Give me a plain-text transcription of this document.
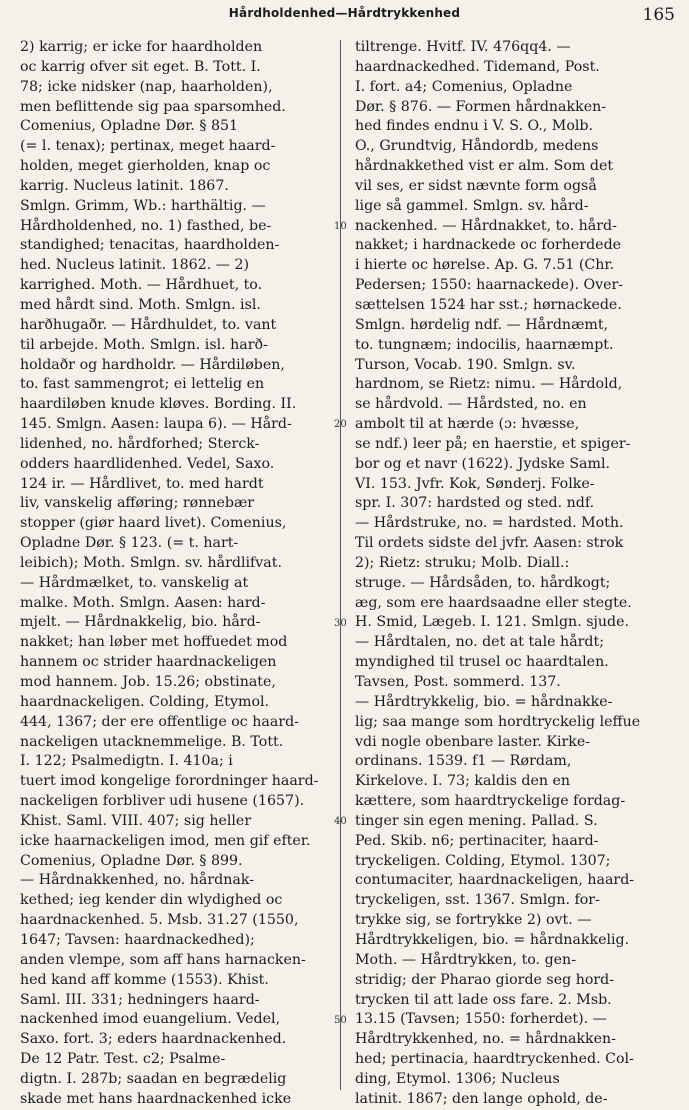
Hårdholdenhed—Hårdtrykkenhed	165
2) karrig; er icke for haardholden
oc karrig ofver sit eget. B. Tott. I.
78; icke nidsker (nap, haarholden),
men beflittende sig paa sparsomhed.
Comenius, Opladne Dør. § 851
(= l. tenax); pertinax, meget haard-
holden, meget gierholden, knap oc
karrig. Nucleus latinit. 1867.
Smlgn. Grimm, Wb.: harthältig. —
Hårdholdenhed, no. 1) fasthed, be-
standighed; tenacitas, haardholden-
hed. Nucleus latinit. 1862. — 2)
karrighed. Moth. — Hårdhuet, to.
med hårdt sind. Moth. Smlgn. isl.
harðhugaðr. — Hårdhuldet, to. vant
til arbejde. Moth. Smlgn. isl. harð-
holdaðr og hardholdr. — Hårdiløben,
to. fast sammengrot; ei lettelig en
haardiløben knude kløves. Bording. II.
145. Smlgn. Aasen: laupa 6). — Hård-
lidenhed, no. hårdforhed; Sterck-
odders haardlidenhed. Vedel, Saxo.
124 ir. — Hårdlivet, to. med hardt
liv, vanskelig afføring; rønnebær
stopper (giør haard livet). Comenius,
Opladne Dør. § 123. (= t. hart-
leibich); Moth. Smlgn. sv. hårdlifvat.
— Hårdmælket, to. vanskelig at
malke. Moth. Smlgn. Aasen: hard-
mjelt. — Hårdnakkelig, bio. hård-
nakket; han løber met hoffuedet mod
hannem oc strider haardnackeligen
mod hannem. Job. 15.26; obstinate,
haardnackeligen. Colding, Etymol.
444, 1367; der ere offentlige oc haard-
nackeligen utacknemmelige. B. Tott.
I. 122; Psalmedigtn. I. 410a; i
tuert imod kongelige forordninger haard-
nackeligen forbliver udi husene (1657).
Khist. Saml. VIII. 407; sig heller
icke haarnackeligen imod, men gif efter.
Comenius, Opladne Dør. § 899.
— Hårdnakkenhed, no. hårdnak-
kethed; ieg kender din wlydighed oc
haardnackenhed. 5. Msb. 31.27 (1550,
1647; Tavsen: haardnackedhed);
anden vlempe, som aff hans harnacken-
hed kand aff komme (1553). Khist.
Saml. III. 331; hedningers haard-
nackenhed imod euangelium. Vedel,
Saxo. fort. 3; eders haardnackenhed.
De 12 Patr. Test. c2; Psalme-
digtn. I. 287b; saadan en begrædelig
skade met hans haardnackenhed icke
tiltrenge. Hvitf. IV. 476qq4. —
haardnackedhed. Tidemand, Post.
I. fort. a4; Comenius, Opladne
Dør. § 876. — Formen hårdnakken-
hed findes endnu i V. S. O., Molb.
O., Grundtvig, Håndordb, medens
hårdnakkethed vist er alm. Som det
vil ses, er sidst nævnte form også
lige så gammel. Smlgn. sv. hård-
nackenhed. — Hårdnakket, to. hård-
nakket; i hardnackede oc forherdede
i hierte oc hørelse. Ap. G. 7.51 (Chr.
Pedersen; 1550: haarnackede). Over-
sættelsen 1524 har sst.; hørnackede.
Smlgn. hørdelig ndf. — Hårdnæmt,
to. tungnæm; indocilis, haarnæmpt.
Turson, Vocab. 190. Smlgn. sv.
hardnom, se Rietz: nimu. — Hårdold,
se hårdvold. — Hårdsted, no. en
ambolt til at hærde (ɔ: hvæsse,
se ndf.) leer på; en haerstie, et spiger-
bor og et navr (1622). Jydske Saml.
VI. 153. Jvfr. Kok, Sønderj. Folke-
spr. I. 307: hardsted og sted. ndf.
— Hårdstruke, no. = hardsted. Moth.
Til ordets sidste del jvfr. Aasen: strok
2); Rietz: struku; Molb. Diall.:
struge. — Hårdsåden, to. hårdkogt;
æg, som ere haardsaadne eller stegte.
H. Smid, Lægeb. I. 121. Smlgn. sjude.
— Hårdtalen, no. det at tale hårdt;
myndighed til trusel oc haardtalen.
Tavsen, Post. sommerd. 137.
— Hårdtrykkelig, bio. = hårdnakke-
lig; saa mange som hordtryckelig leffue
vdi nogle obenbare laster. Kirke-
ordinans. 1539. f1 — Rørdam,
Kirkelove. I. 73; kaldis den en
kættere, som haardtryckelige fordag-
tinger sin egen mening. Pallad. S.
Ped. Skib. n6; pertinaciter, haard-
tryckeligen. Colding, Etymol. 1307;
contumaciter, haardnackeligen, haard-
tryckeligen, sst. 1367. Smlgn. for-
trykke sig, se fortrykke 2) ovt. —
Hårdtrykkeligen, bio. = hårdnakkelig.
Moth. — Hårdtrykken, to. gen-
stridig; der Pharao giorde seg hord-
trycken til att lade oss fare. 2. Msb.
13.15 (Tavsen; 1550: forherdet). —
Hårdtrykkenhed, no. = hårdnakken-
hed; pertinacia, haardtryckenhed. Col-
ding, Etymol. 1306; Nucleus
latinit. 1867; den lange ophold, de-
10
20
30
40
50
